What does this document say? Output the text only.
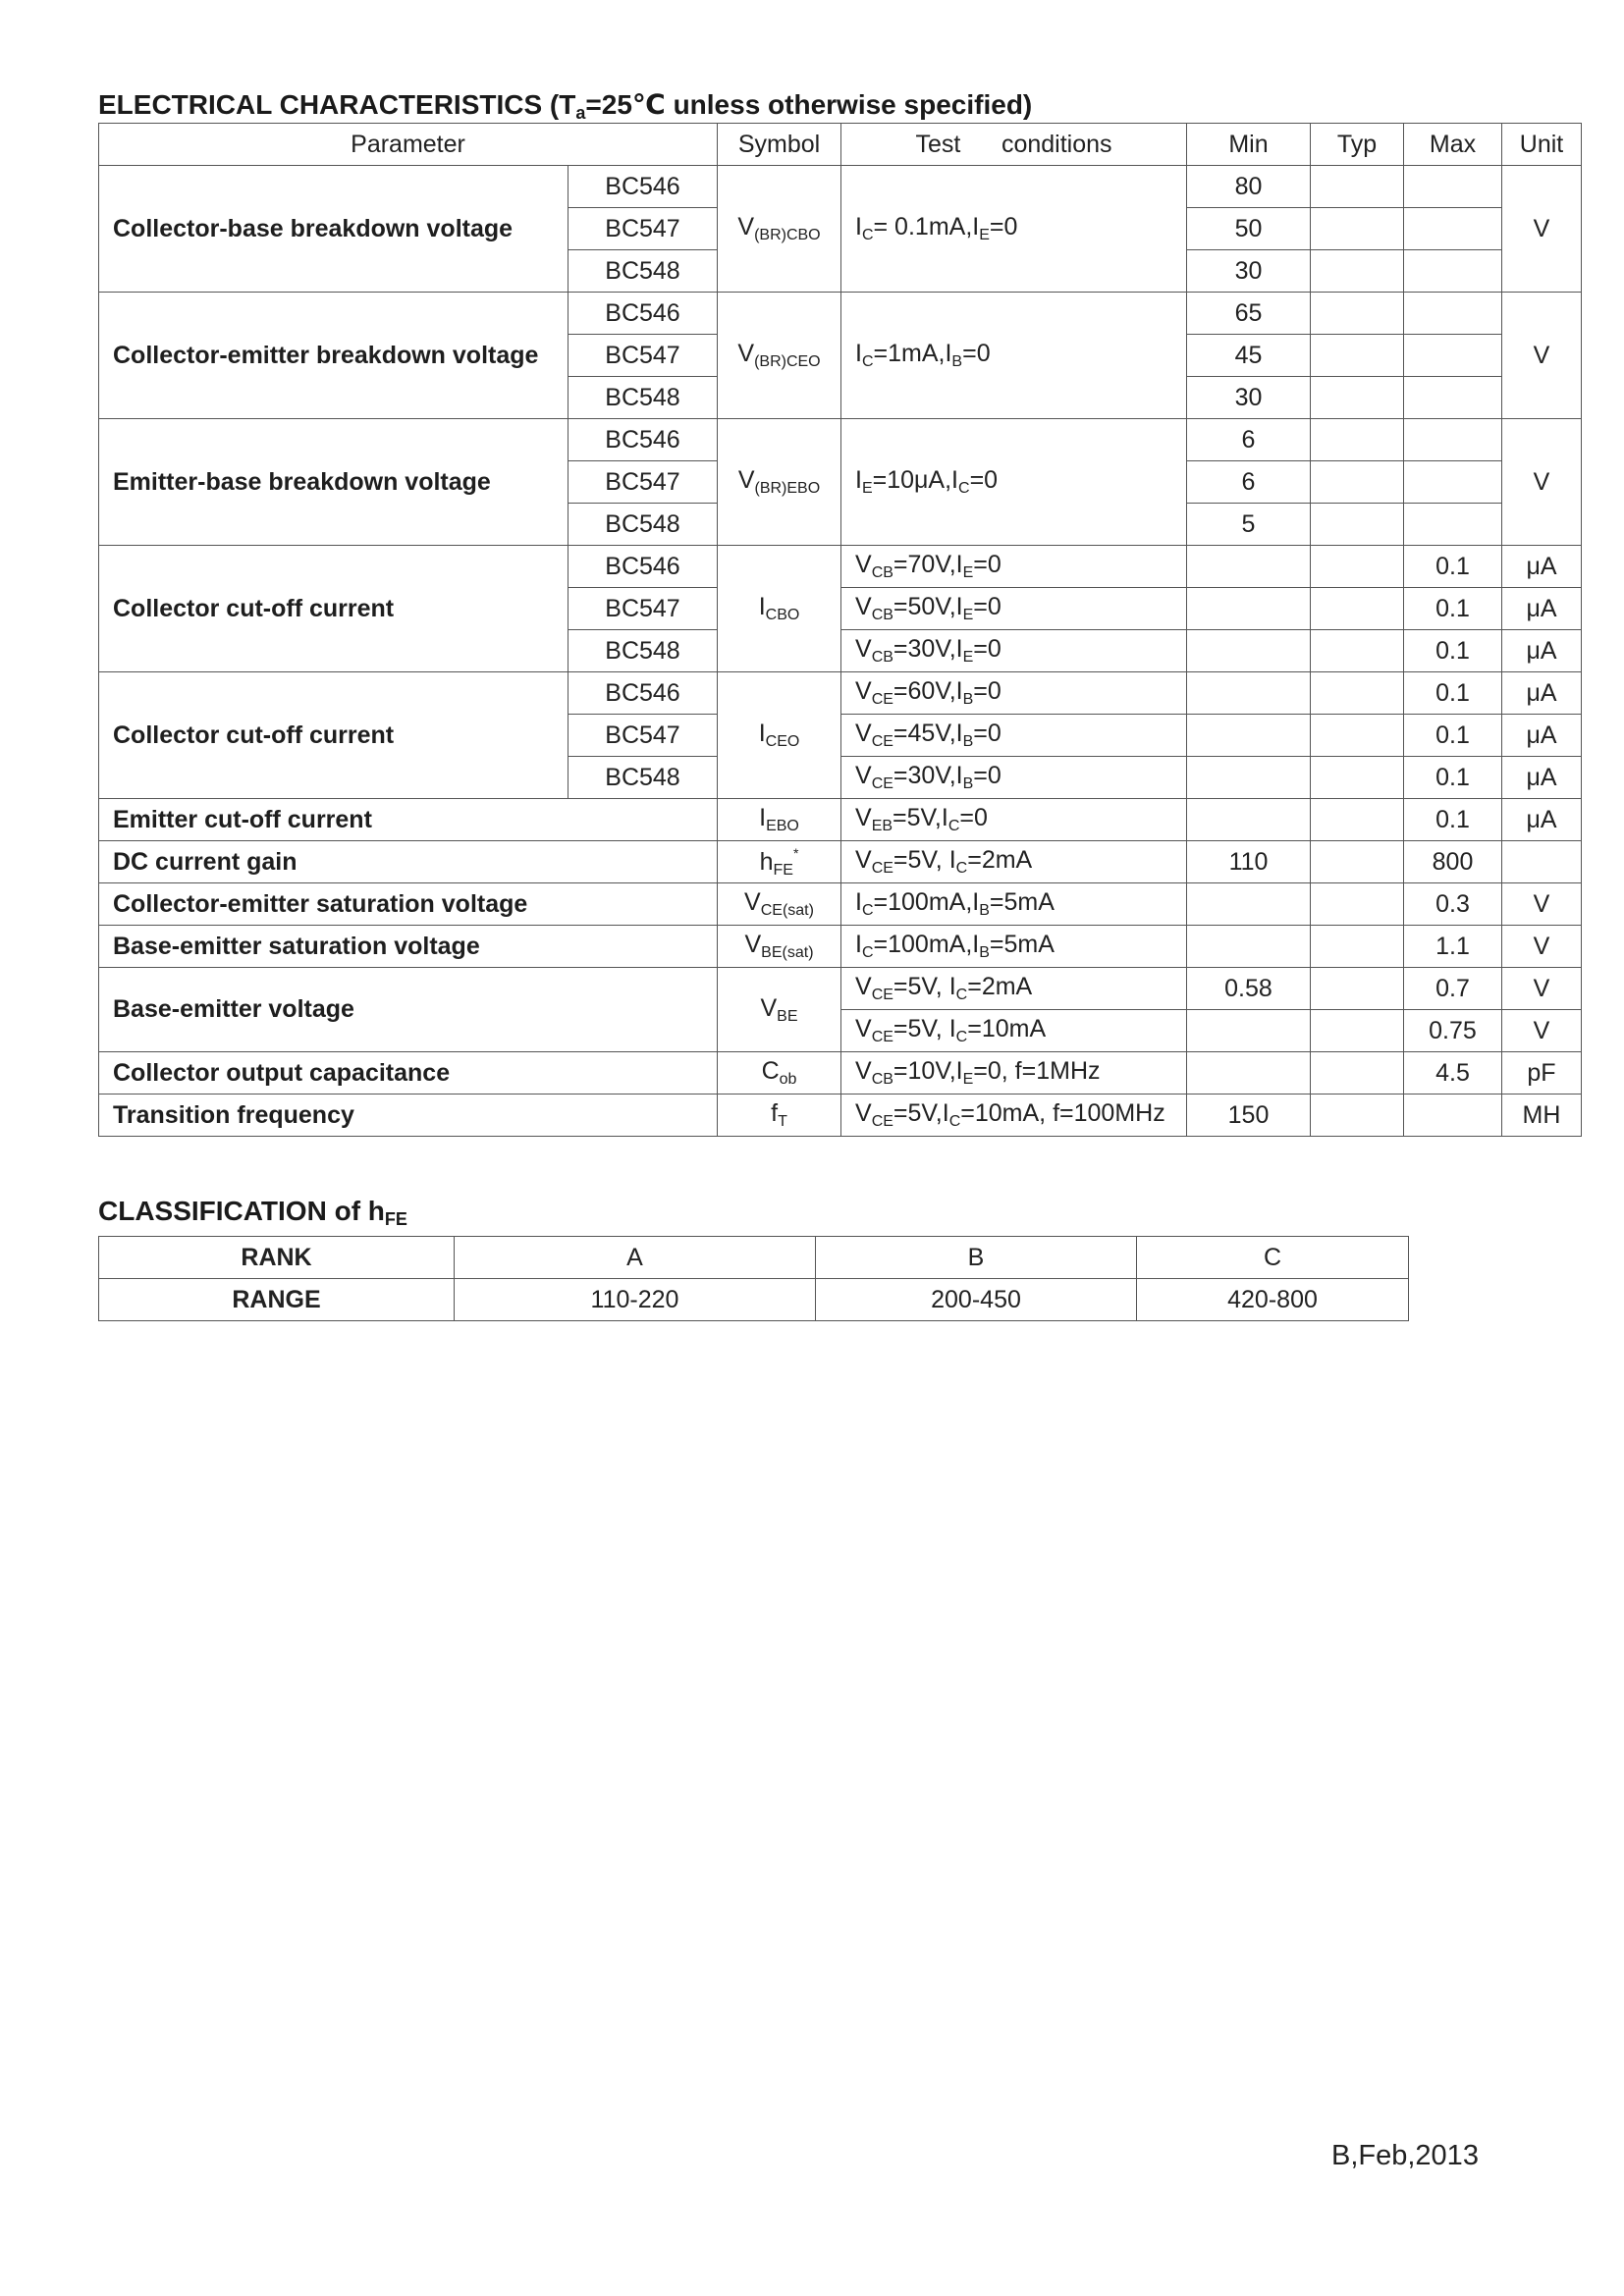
ELECTRICAL CHARACTERISTICS ($T_a=25℃$ unless otherwise specified)
Parameter		Symbol	Test      conditions	Min	Typ	Max	Unit
Collector-base breakdown voltage	BC546	$V_{(BR)CBO}$	$I_C= 0.1mA,I_E=0$	80			V
	BC547			50			
	BC548			30			
Collector-emitter breakdown voltage	BC546	$V_{(BR)CEO}$	$I_C=1mA,I_B=0$	65			V
	BC547			45			
	BC548			30			
Emitter-base breakdown voltage	BC546	$V_{(BR)EBO}$	$I_E=10\mu A,I_C=0$	6			V
	BC547			6			
	BC548			5			
Collector cut-off current	BC546	$I_{CBO}$	$V_{CB}=70V,I_E=0$			0.1	μA
	BC547		$V_{CB}=50V,I_E=0$			0.1	μA
	BC548		$V_{CB}=30V,I_E=0$			0.1	μA
Collector cut-off current	BC546	$I_{CEO}$	$V_{CE}=60V,I_B=0$			0.1	μA
	BC547		$V_{CE}=45V,I_B=0$			0.1	μA
	BC548		$V_{CE}=30V,I_B=0$			0.1	μA
Emitter cut-off current		$I_{EBO}$	$V_{EB}=5V,I_C=0$			0.1	μA
DC current gain		$h_{FE}^*$	$V_{CE}=5V$, $I_C=2mA$	110		800	
Collector-emitter saturation voltage		$V_{CE(sat)}$	$I_C=100mA,I_B=5mA$			0.3	V
Base-emitter saturation voltage		$V_{BE(sat)}$	$I_C=100mA,I_B=5mA$			1.1	V
Base-emitter voltage		$V_{BE}$	$V_{CE}=5V$, $I_C=2mA$	0.58		0.7	V
			$V_{CE}=5V$, $I_C=10mA$			0.75	V
Collector output capacitance		$C_{ob}$	$V_{CB}=10V,I_E=0$, f=1MHz			4.5	pF
Transition frequency		$f_T$	$V_{CE}=5V,I_C=10mA$, f=100MHz	150			MH
CLASSIFICATION of $h_{FE}$
RANK	A	B	C
RANGE	110-220	200-450	420-800
B,Feb,2013
